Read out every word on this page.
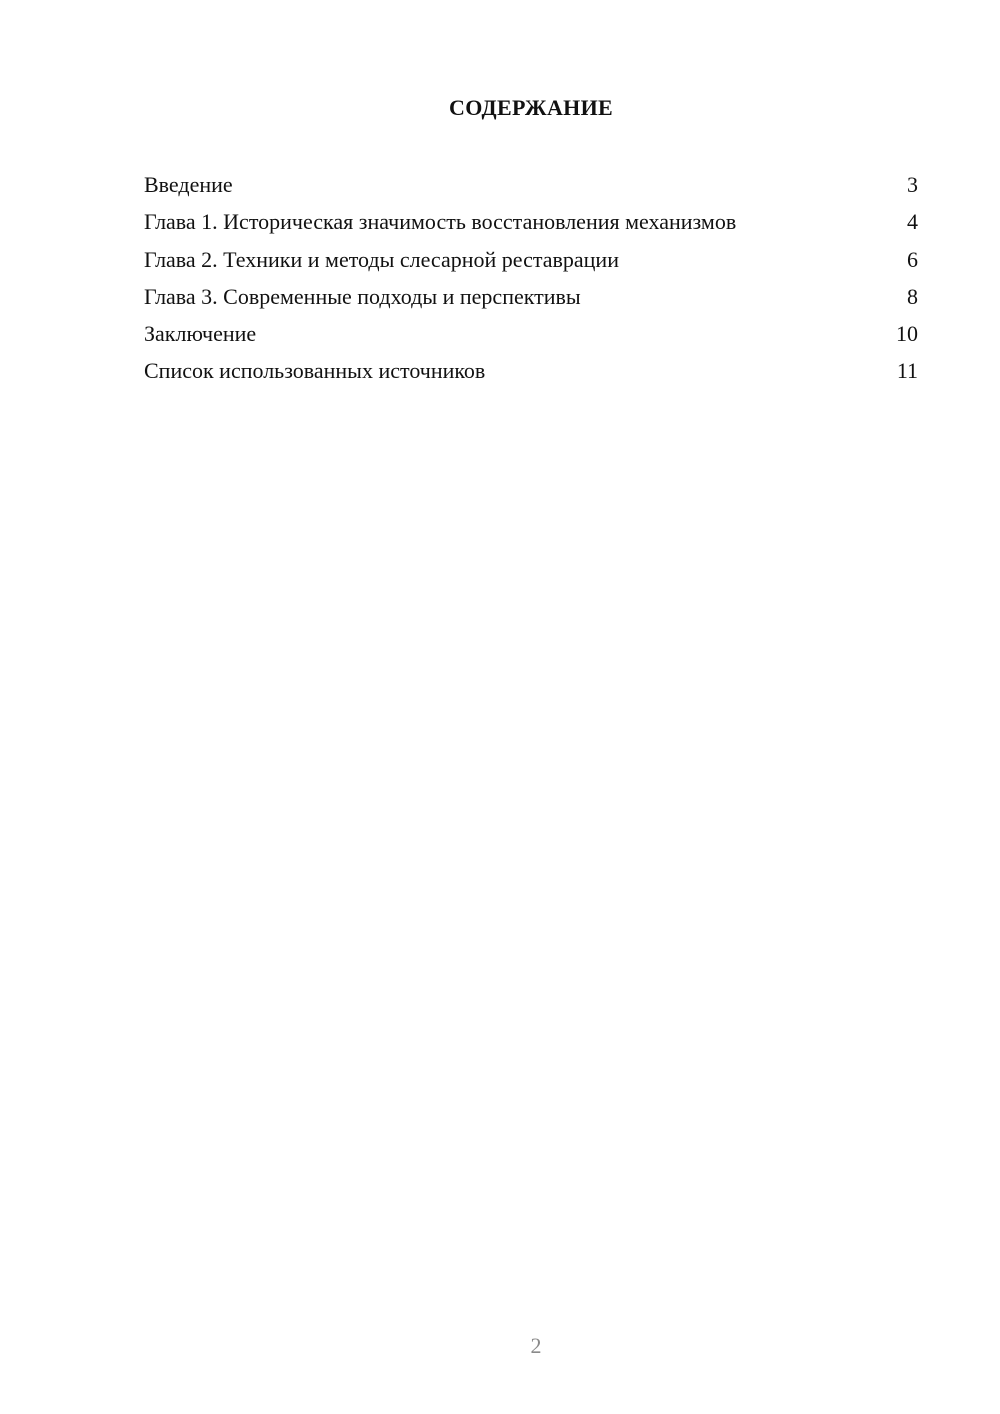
СОДЕРЖАНИЕ
Введение	3
Глава 1. Историческая значимость восстановления механизмов	4
Глава 2. Техники и методы слесарной реставрации	6
Глава 3. Современные подходы и перспективы	8
Заключение	10
Список использованных источников	11
2
